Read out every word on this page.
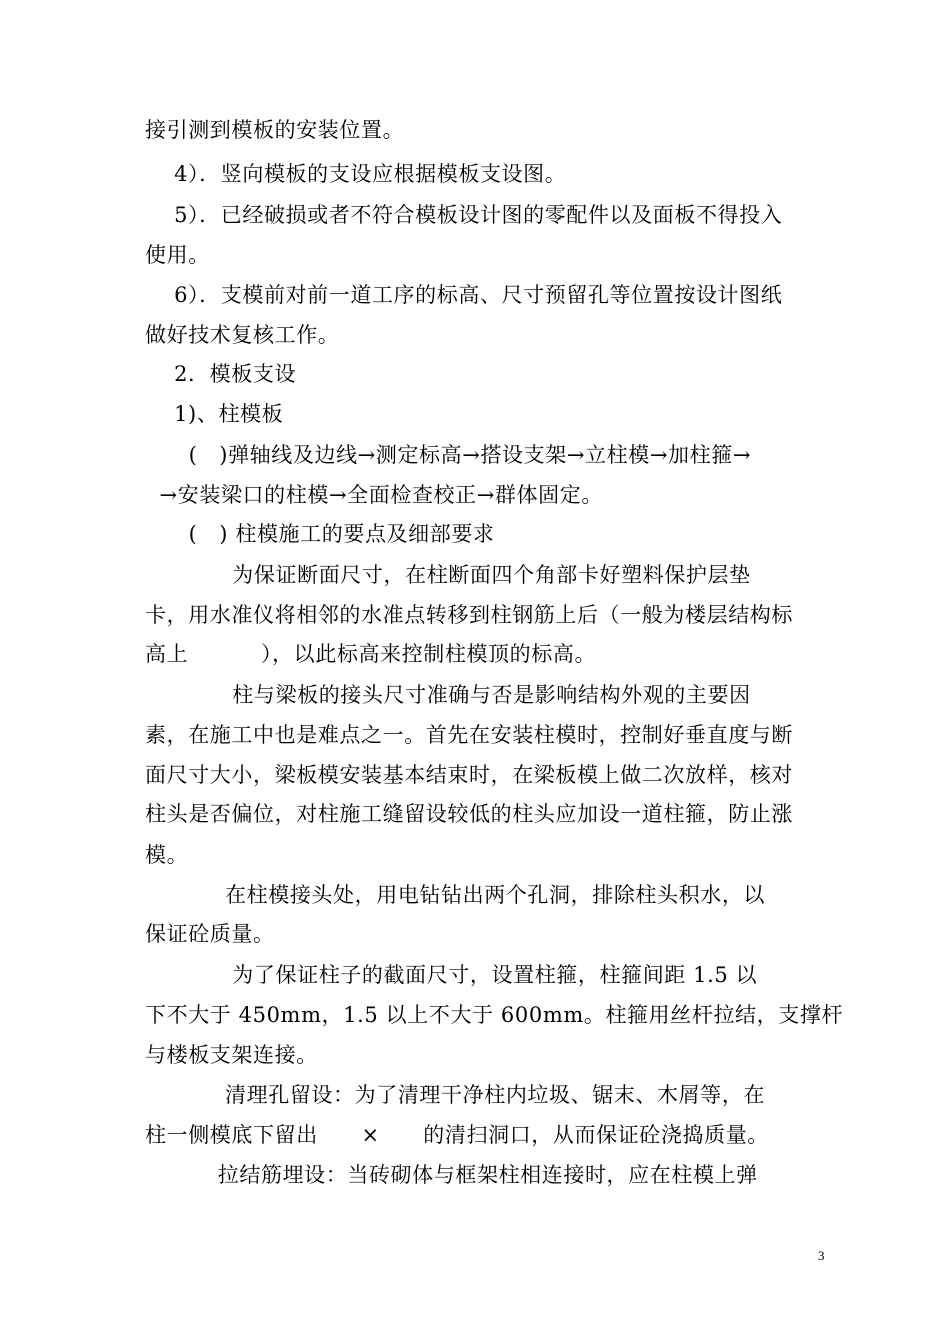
接引测到模板的安装位置。
4）．竖向模板的支设应根据模板支设图。
5）．已经破损或者不符合模板设计图的零配件以及面板不得投入
使用。
6）．支模前对前一道工序的标高、尺寸预留孔等位置按设计图纸
做好技术复核工作。
2．模板支设
1)、柱模板
(   )弹轴线及边线→测定标高→搭设支架→立柱模→加柱箍→
→安装梁口的柱模→全面检查校正→群体固定。
(   ) 柱模施工的要点及细部要求
为保证断面尺寸，在柱断面四个角部卡好塑料保护层垫
卡，用水准仪将相邻的水准点转移到柱钢筋上后（一般为楼层结构标
高上          ），以此标高来控制柱模顶的标高。
柱与梁板的接头尺寸准确与否是影响结构外观的主要因
素，在施工中也是难点之一。首先在安装柱模时，控制好垂直度与断
面尺寸大小，梁板模安装基本结束时，在梁板模上做二次放样，核对
柱头是否偏位，对柱施工缝留设较低的柱头应加设一道柱箍，防止涨
模。
在柱模接头处，用电钻钻出两个孔洞，排除柱头积水，以
保证砼质量。
为了保证柱子的截面尺寸，设置柱箍，柱箍间距 1.5 以
下不大于 450mm，1.5 以上不大于 600mm。柱箍用丝杆拉结，支撑杆
与楼板支架连接。
清理孔留设：为了清理干净柱内垃圾、锯末、木屑等，在
柱一侧模底下留出      ×      的清扫洞口，从而保证砼浇捣质量。
拉结筋埋设：当砖砌体与框架柱相连接时，应在柱模上弹
3
